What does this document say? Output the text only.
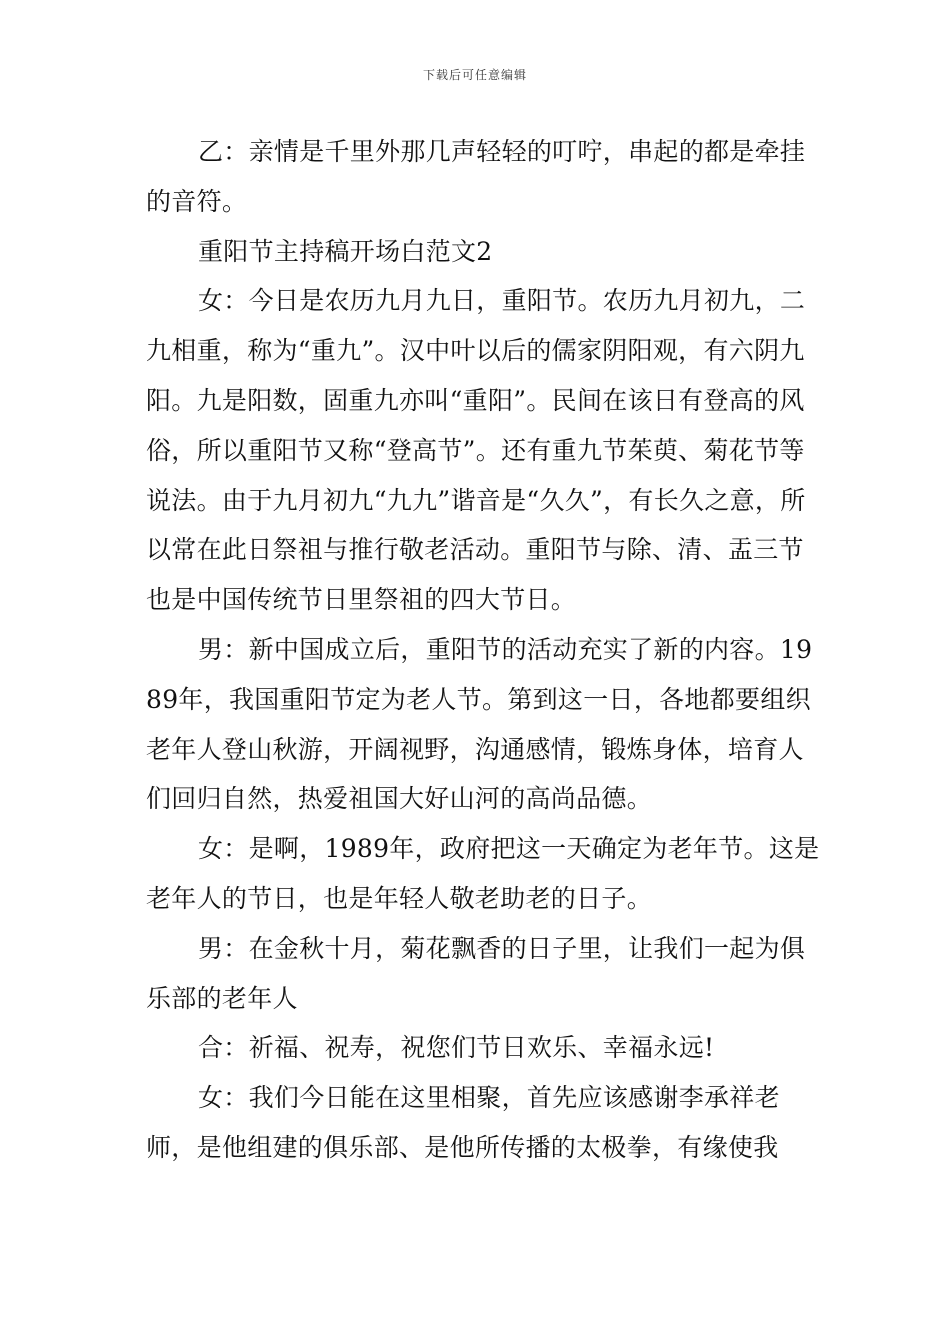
下载后可任意编辑

乙：亲情是千里外那几声轻轻的叮咛，串起的都是牵挂的音符。

重阳节主持稿开场白范文2

女：今日是农历九月九日，重阳节。农历九月初九，二九相重，称为“重九”。汉中叶以后的儒家阴阳观，有六阴九阳。九是阳数，固重九亦叫“重阳”。民间在该日有登高的风俗，所以重阳节又称“登高节”。还有重九节茱萸、菊花节等说法。由于九月初九“九九”谐音是“久久”，有长久之意，所以常在此日祭祖与推行敬老活动。重阳节与除、清、盂三节也是中国传统节日里祭祖的四大节日。

男：新中国成立后，重阳节的活动充实了新的内容。1989年，我国重阳节定为老人节。第到这一日，各地都要组织老年人登山秋游，开阔视野，沟通感情，锻炼身体，培育人们回归自然，热爱祖国大好山河的高尚品德。

女：是啊，1989年，政府把这一天确定为老年节。这是老年人的节日，也是年轻人敬老助老的日子。

男：在金秋十月，菊花飘香的日子里，让我们一起为俱乐部的老年人

合：祈福、祝寿，祝您们节日欢乐、幸福永远!

女：我们今日能在这里相聚，首先应该感谢李承祥老师，是他组建的俱乐部、是他所传播的太极拳，有缘使我
